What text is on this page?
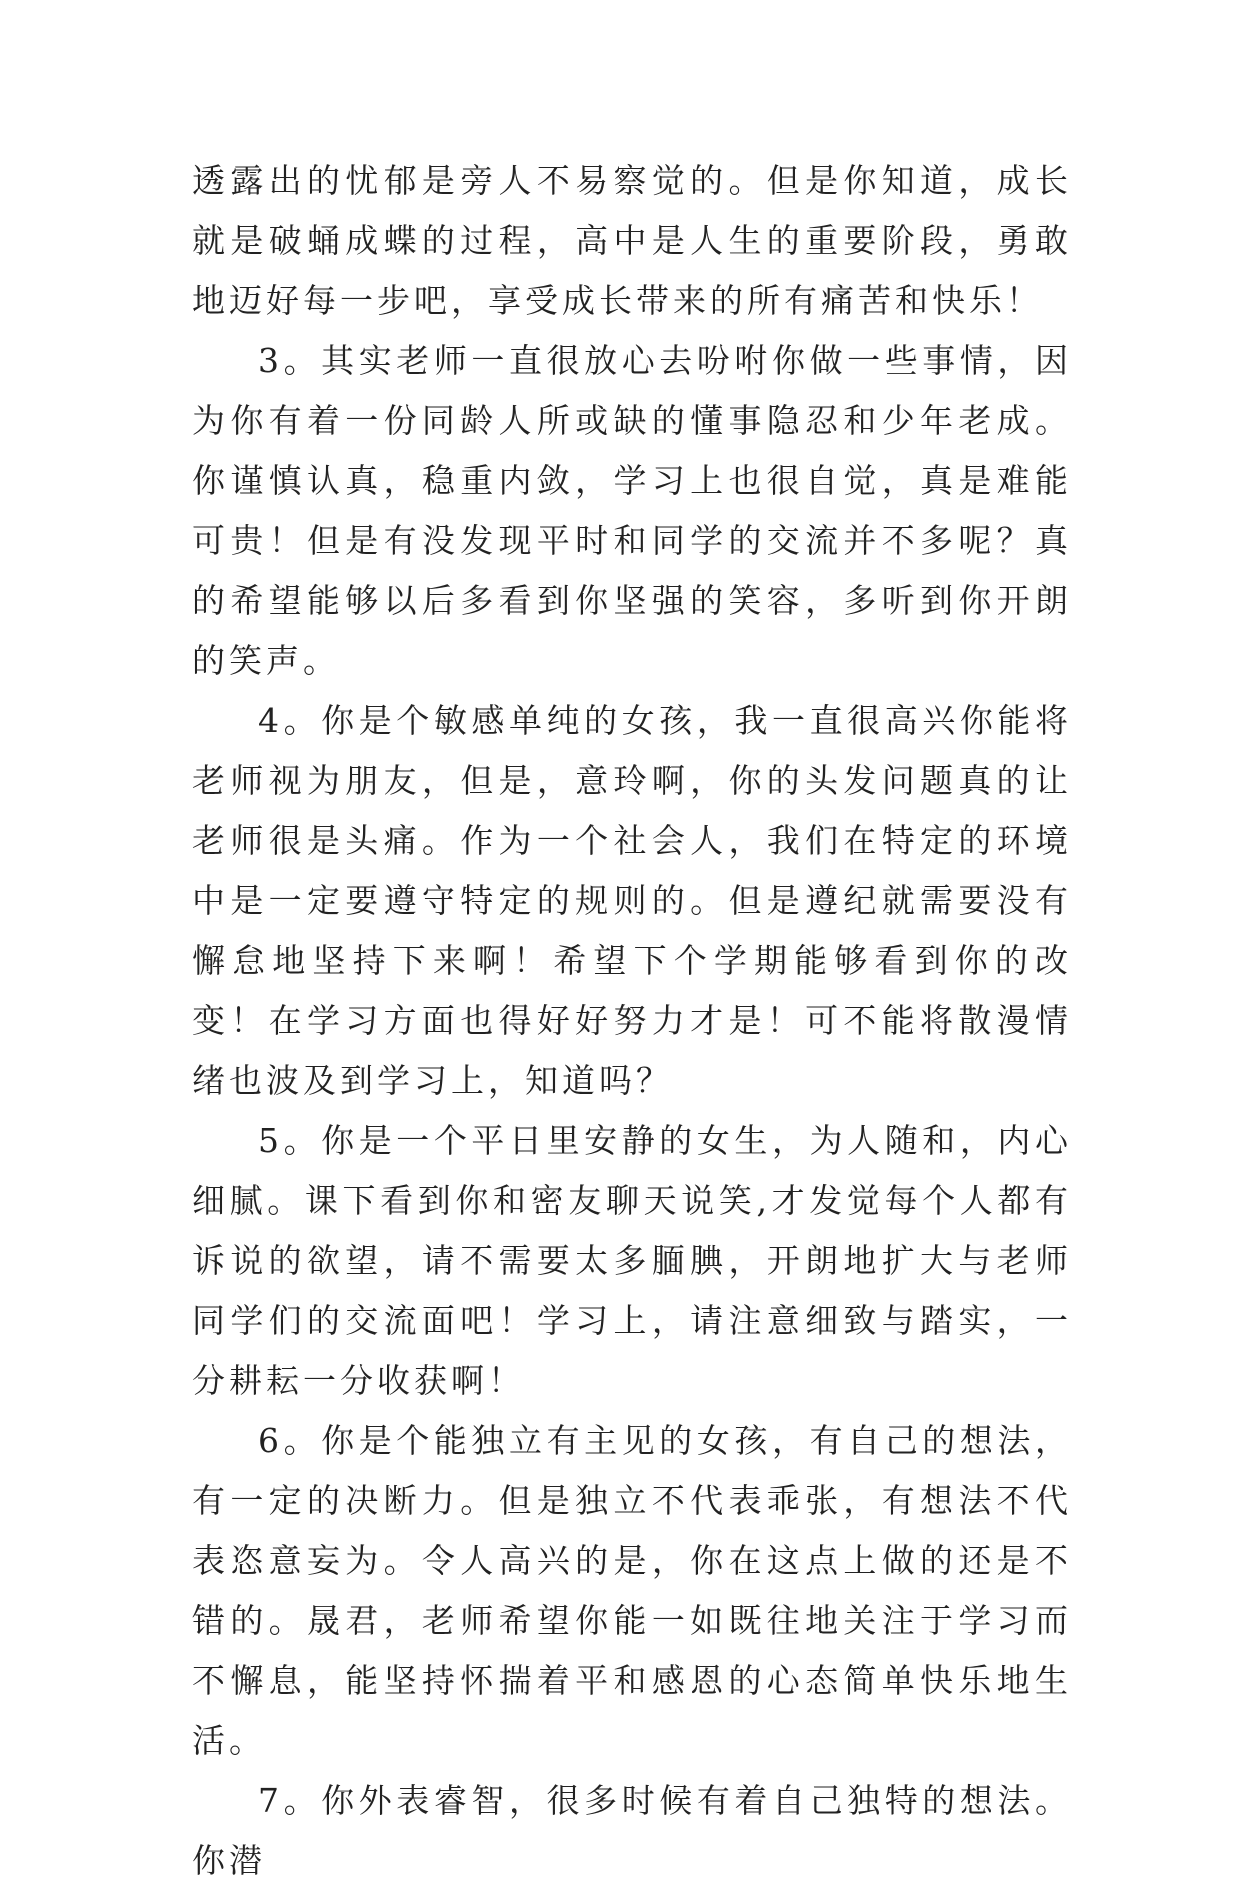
透露出的忧郁是旁人不易察觉的。但是你知道，成长就是破蛹成蝶的过程，高中是人生的重要阶段，勇敢地迈好每一步吧，享受成长带来的所有痛苦和快乐！

3。其实老师一直很放心去吩咐你做一些事情，因为你有着一份同龄人所或缺的懂事隐忍和少年老成。你谨慎认真，稳重内敛，学习上也很自觉，真是难能可贵！但是有没发现平时和同学的交流并不多呢？真的希望能够以后多看到你坚强的笑容，多听到你开朗的笑声。

4。你是个敏感单纯的女孩，我一直很高兴你能将老师视为朋友，但是，意玲啊，你的头发问题真的让老师很是头痛。作为一个社会人，我们在特定的环境中是一定要遵守特定的规则的。但是遵纪就需要没有懈怠地坚持下来啊！希望下个学期能够看到你的改变！在学习方面也得好好努力才是！可不能将散漫情绪也波及到学习上，知道吗？

5。你是一个平日里安静的女生，为人随和，内心细腻。课下看到你和密友聊天说笑,才发觉每个人都有诉说的欲望，请不需要太多腼腆，开朗地扩大与老师同学们的交流面吧！学习上，请注意细致与踏实，一分耕耘一分收获啊！

6。你是个能独立有主见的女孩，有自己的想法，有一定的决断力。但是独立不代表乖张，有想法不代表恣意妄为。令人高兴的是，你在这点上做的还是不错的。晟君，老师希望你能一如既往地关注于学习而不懈息，能坚持怀揣着平和感恩的心态简单快乐地生活。

7。你外表睿智，很多时候有着自己独特的想法。你潜
